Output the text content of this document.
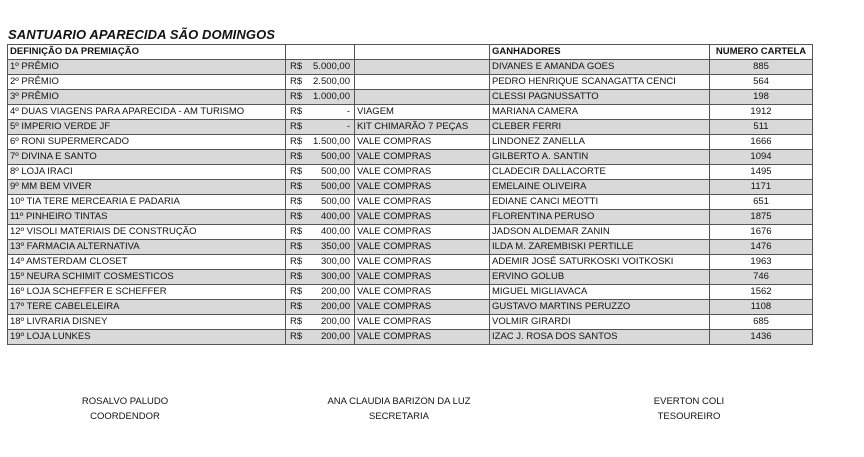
SANTUARIO APARECIDA SÃO DOMINGOS
DEFINIÇÃO DA PREMIAÇÃO			GANHADORES	NUMERO CARTELA
1º PRÊMIO	R$ 5.000,00		DIVANES E AMANDA GOES	885
2º PRÊMIO	R$ 2.500,00		PEDRO HENRIQUE SCANAGATTA CENCI	564
3º PRÊMIO	R$ 1.000,00		CLESSI PAGNUSSATTO	198
4º DUAS VIAGENS PARA APARECIDA - AM TURISMO	R$ -	VIAGEM	MARIANA CAMERA	1912
5º IMPERIO VERDE JF	R$ -	KIT CHIMARÃO 7 PEÇAS	CLEBER FERRI	511
6º RONI SUPERMERCADO	R$ 1.500,00	VALE COMPRAS	LINDONEZ ZANELLA	1666
7º DIVINA E SANTO	R$ 500,00	VALE COMPRAS	GILBERTO A. SANTIN	1094
8º LOJA IRACI	R$ 500,00	VALE COMPRAS	CLADECIR DALLACORTE	1495
9º MM BEM VIVER	R$ 500,00	VALE COMPRAS	EMELAINE OLIVEIRA	1171
10º TIA TERE MERCEARIA E PADARIA	R$ 500,00	VALE COMPRAS	EDIANE CANCI MEOTTI	651
11º PINHEIRO TINTAS	R$ 400,00	VALE COMPRAS	FLORENTINA PERUSO	1875
12º VISOLI MATERIAIS DE CONSTRUÇÃO	R$ 400,00	VALE COMPRAS	JADSON ALDEMAR ZANIN	1676
13º FARMACIA ALTERNATIVA	R$ 350,00	VALE COMPRAS	ILDA M. ZAREMBISKI PERTILLE	1476
14º AMSTERDAM CLOSET	R$ 300,00	VALE COMPRAS	ADEMIR JOSÉ SATURKOSKI VOITKOSKI	1963
15º NEURA SCHIMIT COSMESTICOS	R$ 300,00	VALE COMPRAS	ERVINO GOLUB	746
16º LOJA SCHEFFER E SCHEFFER	R$ 200,00	VALE COMPRAS	MIGUEL MIGLIAVACA	1562
17º TERE CABELELEIRA	R$ 200,00	VALE COMPRAS	GUSTAVO MARTINS PERUZZO	1108
18º LIVRARIA DISNEY	R$ 200,00	VALE COMPRAS	VOLMIR GIRARDI	685
19º LOJA LUNKES	R$ 200,00	VALE COMPRAS	IZAC J. ROSA DOS SANTOS	1436
ROSALVO PALUDO
COORDENDOR
ANA CLAUDIA BARIZON DA LUZ
SECRETARIA
EVERTON COLI
TESOUREIRO
